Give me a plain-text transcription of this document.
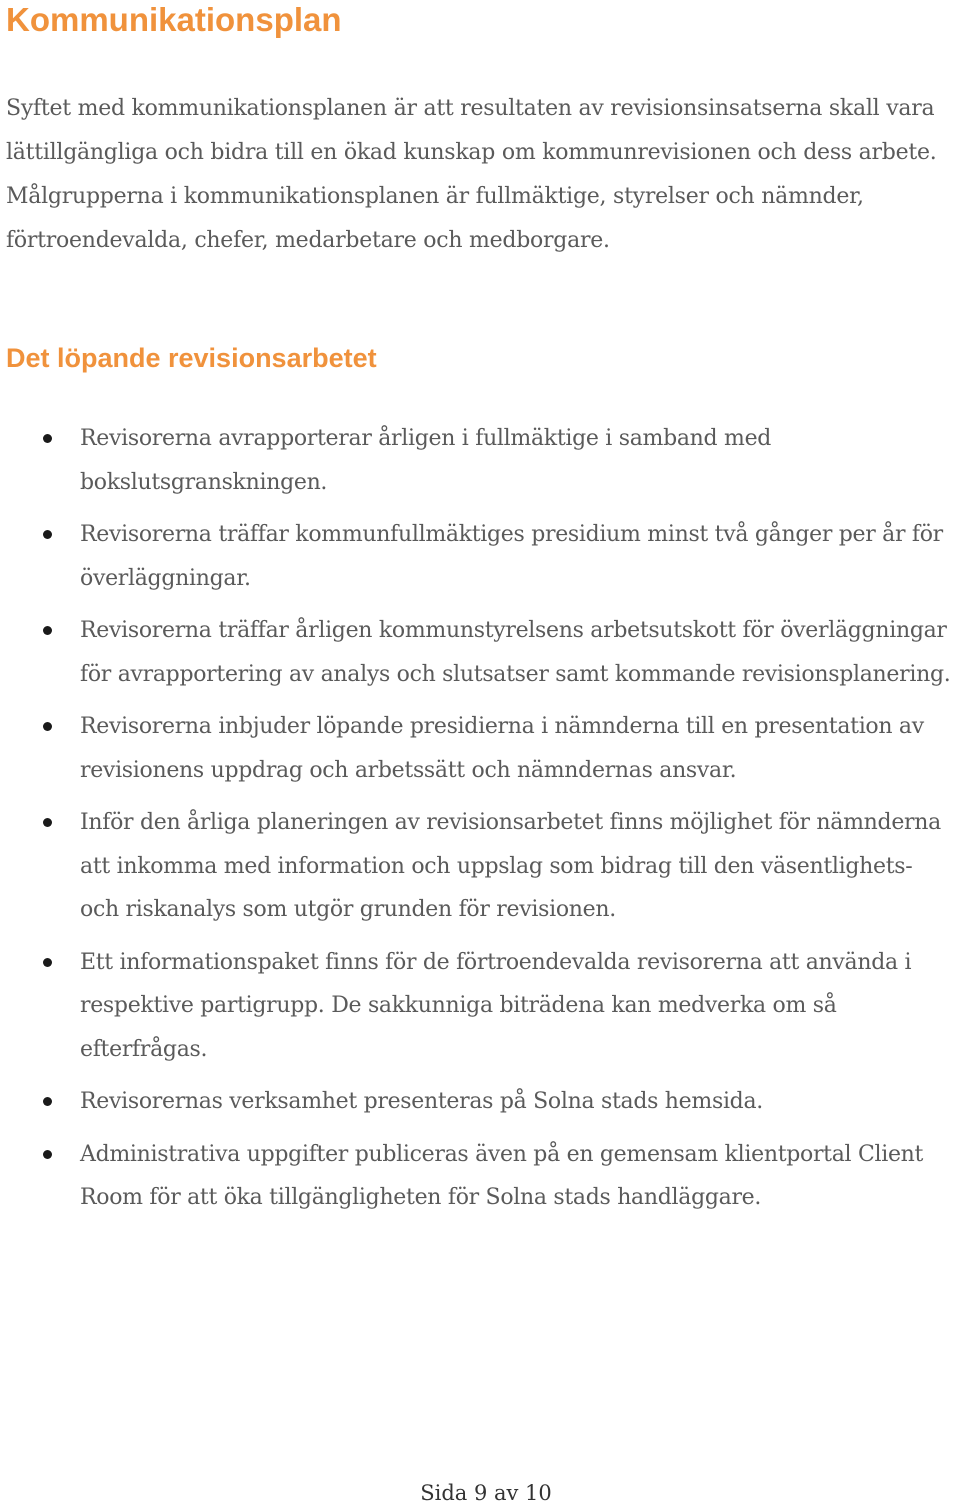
Kommunikationsplan

Syftet med kommunikationsplanen är att resultaten av revisionsinsatserna skall vara lättillgängliga och bidra till en ökad kunskap om kommunrevisionen och dess arbete. Målgrupperna i kommunikationsplanen är fullmäktige, styrelser och nämnder, förtroendevalda, chefer, medarbetare och medborgare.

Det löpande revisionsarbetet
Revisorerna avrapporterar årligen i fullmäktige i samband med bokslutsgranskningen.
Revisorerna träffar kommunfullmäktiges presidium minst två gånger per år för överläggningar.
Revisorerna träffar årligen kommunstyrelsens arbetsutskott för överläggningar för avrapportering av analys och slutsatser samt kommande revisionsplanering.
Revisorerna inbjuder löpande presidierna i nämnderna till en presentation av revisionens uppdrag och arbetssätt och nämndernas ansvar.
Inför den årliga planeringen av revisionsarbetet finns möjlighet för nämnderna att inkomma med information och uppslag som bidrag till den väsentlighets- och riskanalys som utgör grunden för revisionen.
Ett informationspaket finns för de förtroendevalda revisorerna att använda i respektive partigrupp. De sakkunniga biträdena kan medverka om så efterfrågas.
Revisorernas verksamhet presenteras på Solna stads hemsida.
Administrativa uppgifter publiceras även på en gemensam klientportal Client Room för att öka tillgängligheten för Solna stads handläggare.

Sida 9 av 10
